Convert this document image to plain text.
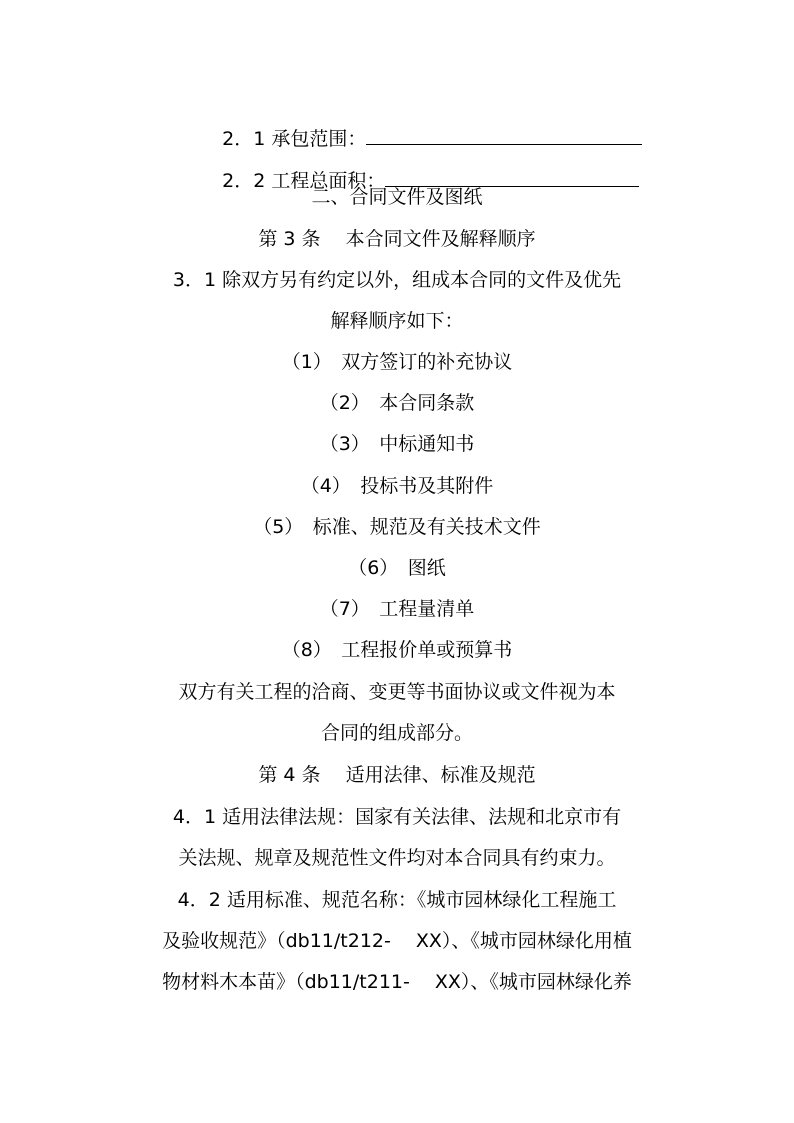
2．1 承包范围：

2．2 工程总面积：

二、合同文件及图纸
第 3 条　 本合同文件及解释顺序
3．1 除双方另有约定以外，组成本合同的文件及优先
解释顺序如下：
（1）　双方签订的补充协议
（2）　本合同条款
（3）　中标通知书
（4）　投标书及其附件
（5）　标准、规范及有关技术文件
（6）　图纸
（7）　工程量清单
（8）　工程报价单或预算书
双方有关工程的洽商、变更等书面协议或文件视为本
合同的组成部分。
第 4 条　 适用法律、标准及规范
4．1 适用法律法规：国家有关法律、法规和北京市有
关法规、规章及规范性文件均对本合同具有约束力。
4．2 适用标准、规范名称：《城市园林绿化工程施工
及验收规范》（db11/t212-　 XX）、《城市园林绿化用植
物材料木本苗》（db11/t211-　 XX）、《城市园林绿化养
